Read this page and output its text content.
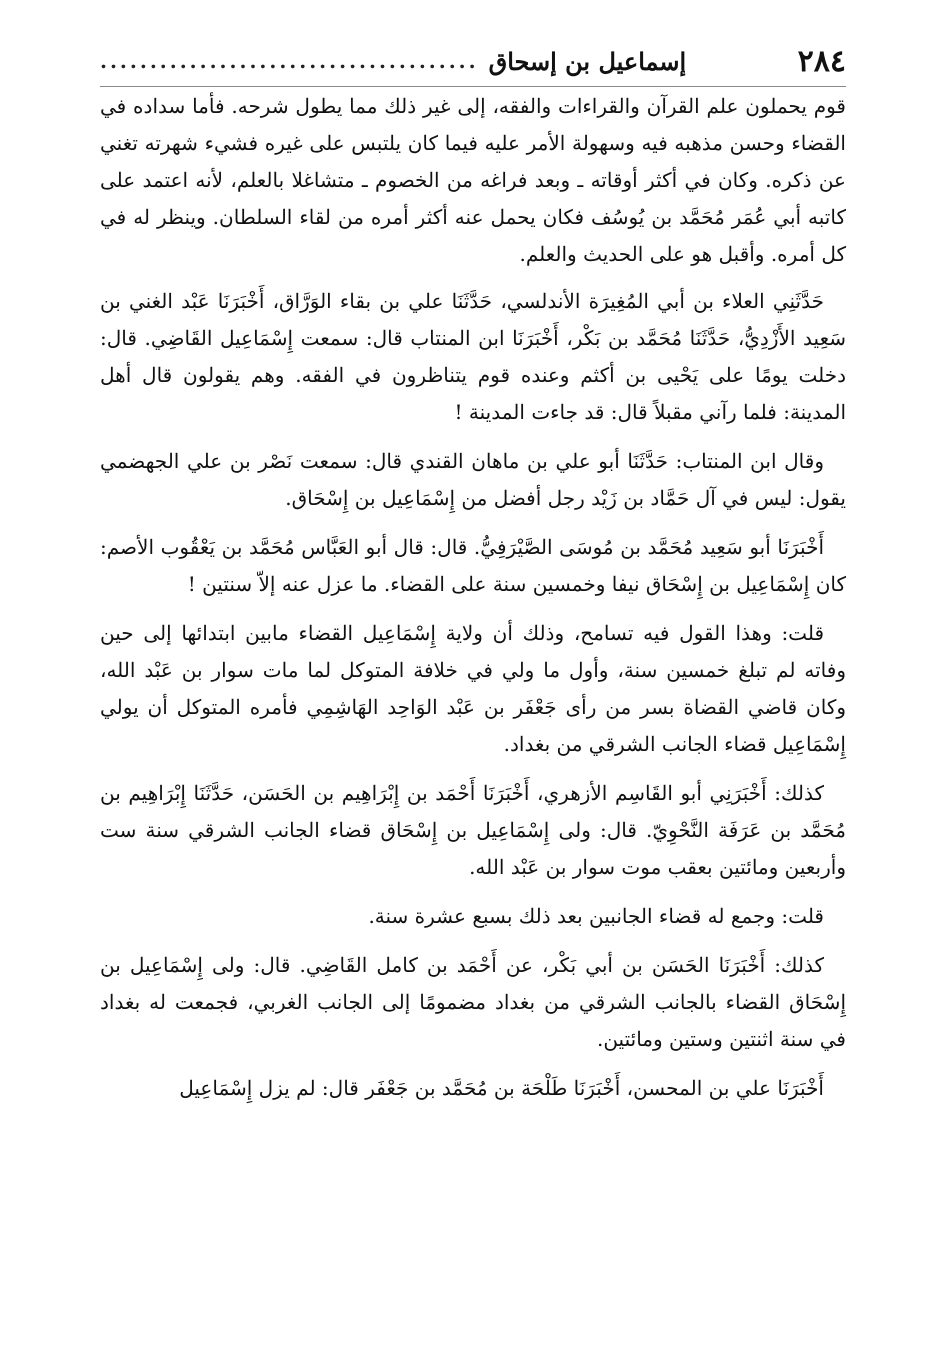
٢٨٤
إسماعيل بن إسحاق
......................................

قوم يحملون علم القرآن والقراءات والفقه، إلى غير ذلك مما يطول شرحه. فأما سداده في القضاء وحسن مذهبه فيه وسهولة الأمر عليه فيما كان يلتبس على غيره فشيء شهرته تغني عن ذكره. وكان في أكثر أوقاته ـ وبعد فراغه من الخصوم ـ متشاغلا بالعلم، لأنه اعتمد على كاتبه أبي عُمَر مُحَمَّد بن يُوسُف فكان يحمل عنه أكثر أمره من لقاء السلطان. وينظر له في كل أمره. وأقبل هو على الحديث والعلم.

حَدَّثَنِي العلاء بن أبي المُغِيرَة الأندلسي، حَدَّثَنَا علي بن بقاء الوَرَّاق، أَخْبَرَنَا عَبْد الغني بن سَعِيد الأَزْدِيُّ، حَدَّثَنَا مُحَمَّد بن بَكْر، أَخْبَرَنَا ابن المنتاب قال: سمعت إِسْمَاعِيل القَاضِي. قال: دخلت يومًا على يَحْيى بن أكثم وعنده قوم يتناظرون في الفقه. وهم يقولون قال أهل المدينة: فلما رآني مقبلاً قال: قد جاءت المدينة !

وقال ابن المنتاب: حَدَّثَنَا أبو علي بن ماهان القندي قال: سمعت نَصْر بن علي الجهضمي يقول: ليس في آل حَمَّاد بن زَيْد رجل أفضل من إِسْمَاعِيل بن إِسْحَاق.

أَخْبَرَنَا أبو سَعِيد مُحَمَّد بن مُوسَى الصَّيْرَفِيُّ. قال: قال أبو العَبَّاس مُحَمَّد بن يَعْقُوب الأصم: كان إِسْمَاعِيل بن إِسْحَاق نيفا وخمسين سنة على القضاء. ما عزل عنه إلاّ سنتين !

قلت: وهذا القول فيه تسامح، وذلك أن ولاية إِسْمَاعِيل القضاء مابين ابتدائها إلى حين وفاته لم تبلغ خمسين سنة، وأول ما ولي في خلافة المتوكل لما مات سوار بن عَبْد الله، وكان قاضي القضاة بسر من رأى جَعْفَر بن عَبْد الوَاحِد الهَاشِمِي فأمره المتوكل أن يولي إِسْمَاعِيل قضاء الجانب الشرقي من بغداد.

كذلك: أَخْبَرَنِي أبو القَاسِم الأزهري، أَخْبَرَنَا أَحْمَد بن إِبْرَاهِيم بن الحَسَن، حَدَّثَنَا إِبْرَاهِيم بن مُحَمَّد بن عَرَفَة النَّحْوِيّ. قال: ولى إِسْمَاعِيل بن إِسْحَاق قضاء الجانب الشرقي سنة ست وأربعين ومائتين بعقب موت سوار بن عَبْد الله.

قلت: وجمع له قضاء الجانبين بعد ذلك بسبع عشرة سنة.

كذلك: أَخْبَرَنَا الحَسَن بن أبي بَكْر، عن أَحْمَد بن كامل القَاضِي. قال: ولى إِسْمَاعِيل بن إِسْحَاق القضاء بالجانب الشرقي من بغداد مضمومًا إلى الجانب الغربي، فجمعت له بغداد في سنة اثنتين وستين ومائتين.

أَخْبَرَنَا علي بن المحسن، أَخْبَرَنَا طَلْحَة بن مُحَمَّد بن جَعْفَر قال: لم يزل إِسْمَاعِيل
